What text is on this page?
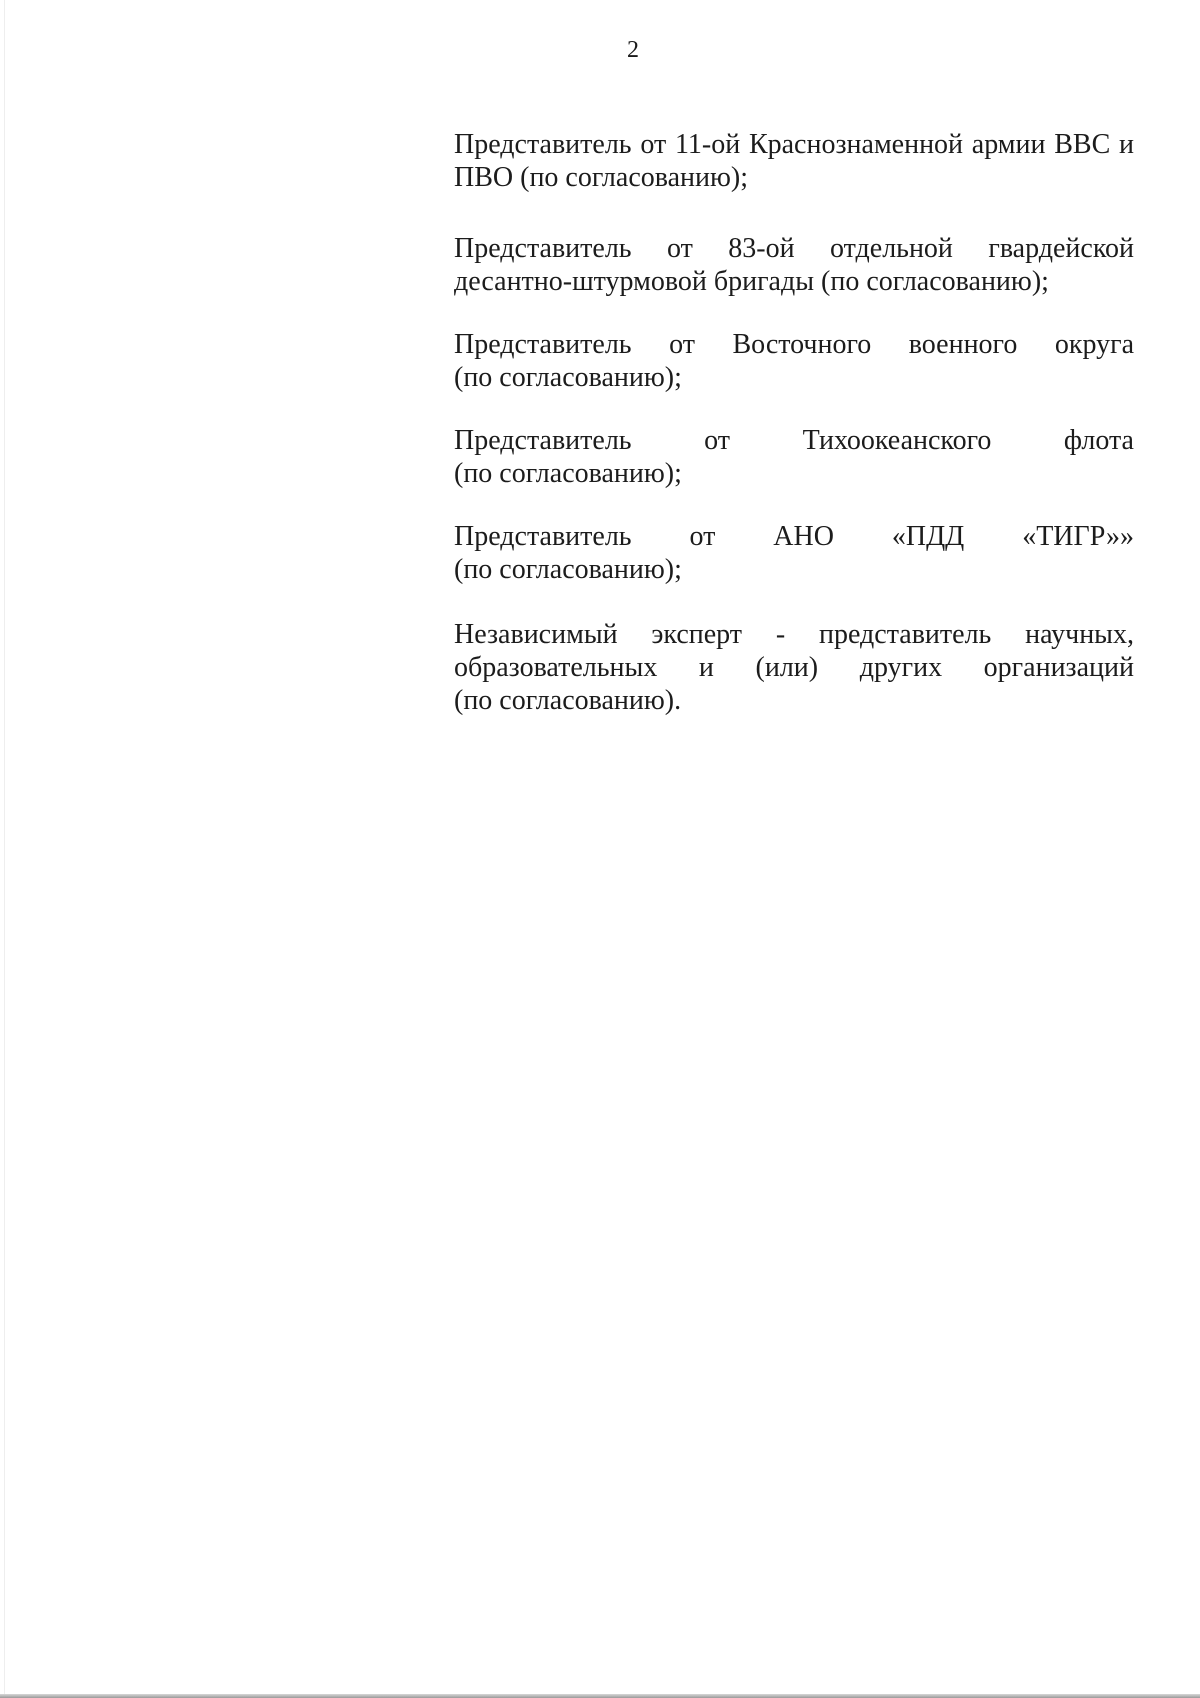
2
Представитель от 11-ой Краснознаменной армии ВВС и
ПВО (по согласованию);
Представитель от 83-ой отдельной гвардейской
десантно-штурмовой бригады (по согласованию);
Представитель от Восточного военного округа
(по согласованию);
Представитель от Тихоокеанского флота
(по согласованию);
Представитель от АНО «ПДД «ТИГР»»
(по согласованию);
Независимый эксперт - представитель научных,
образовательных и (или) других организаций
(по согласованию).
